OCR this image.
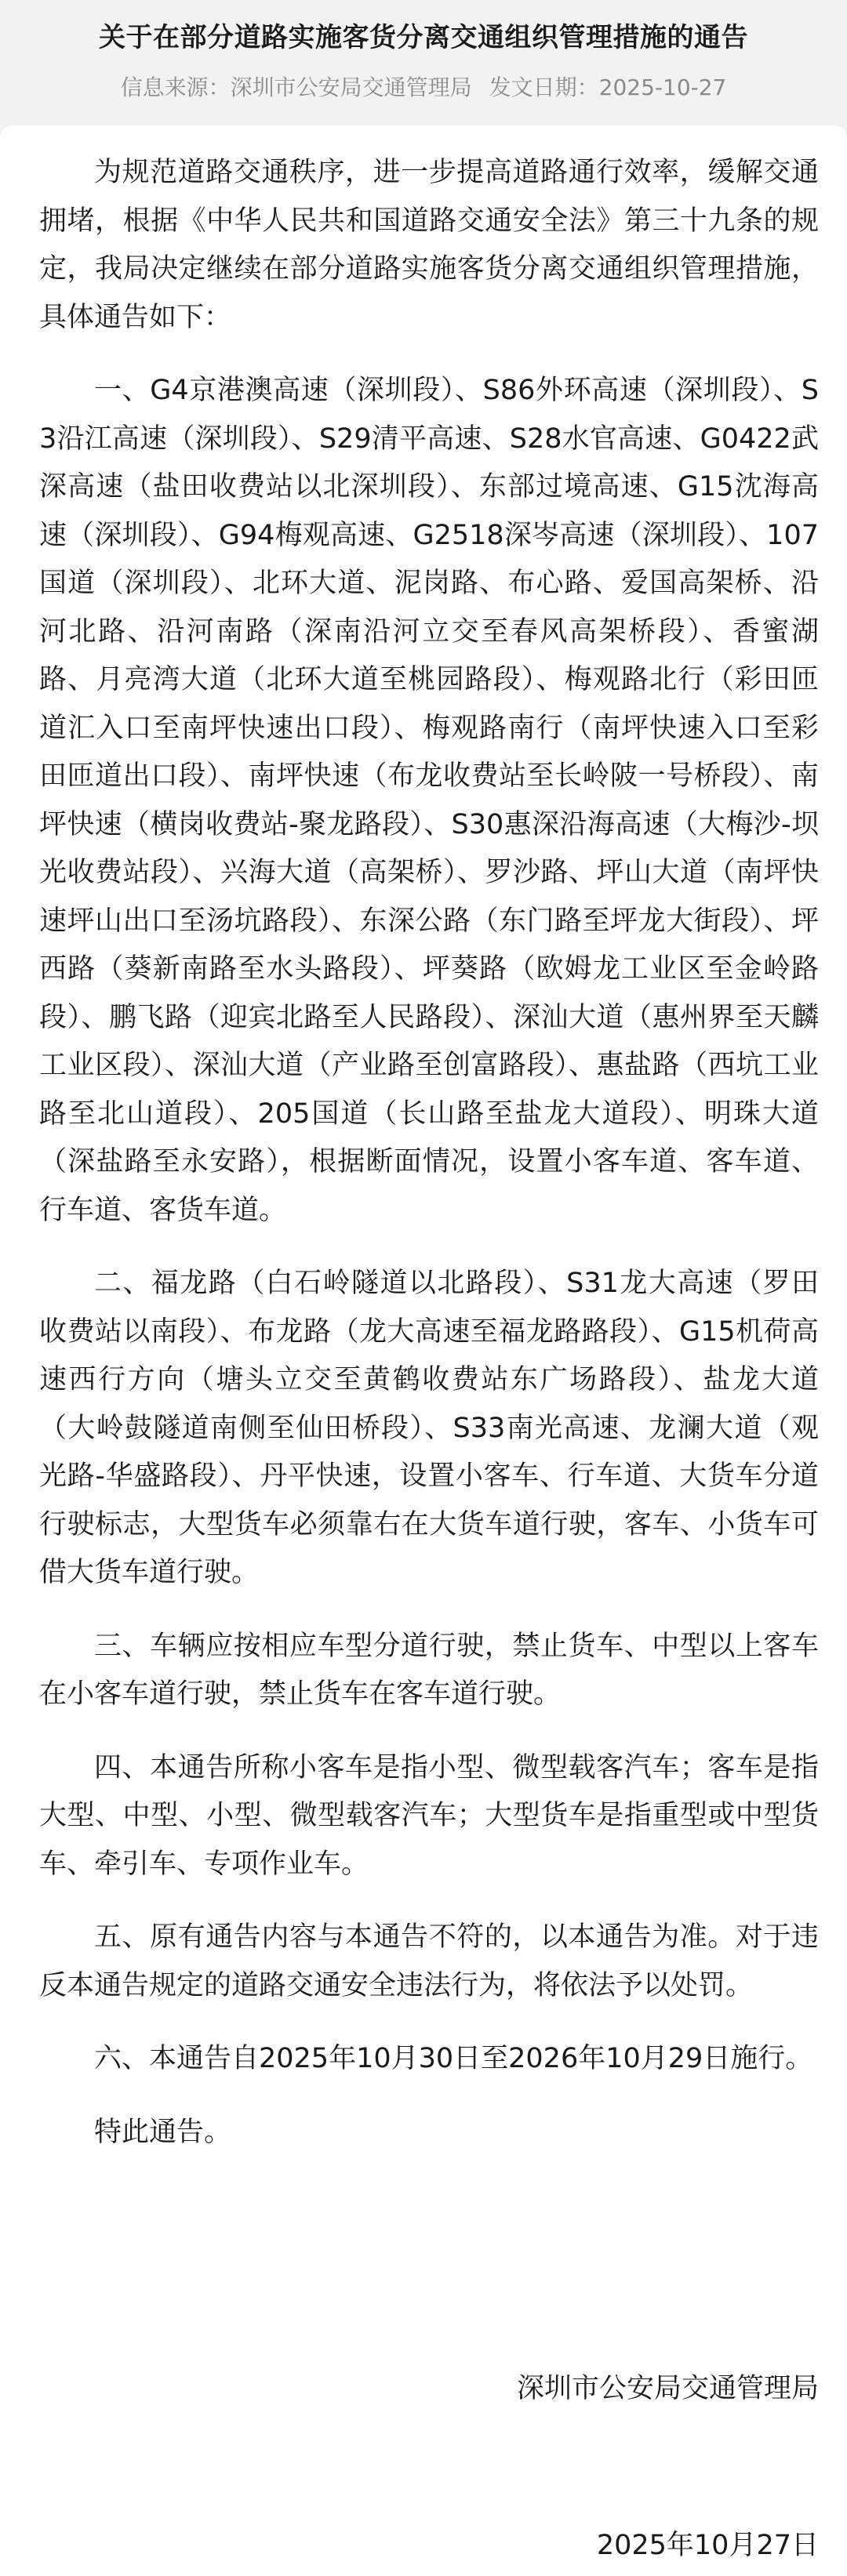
关于在部分道路实施客货分离交通组织管理措施的通告
信息来源：深圳市公安局交通管理局 发文日期：2025-10-27

为规范道路交通秩序，进一步提高道路通行效率，缓解交通拥堵，根据《中华人民共和国道路交通安全法》第三十九条的规定，我局决定继续在部分道路实施客货分离交通组织管理措施，具体通告如下：

一、G4京港澳高速（深圳段）、S86外环高速（深圳段）、S3沿江高速（深圳段）、S29清平高速、S28水官高速、G0422武深高速（盐田收费站以北深圳段）、东部过境高速、G15沈海高速（深圳段）、G94梅观高速、G2518深岑高速（深圳段）、107国道（深圳段）、北环大道、泥岗路、布心路、爱国高架桥、沿河北路、沿河南路（深南沿河立交至春风高架桥段）、香蜜湖路、月亮湾大道（北环大道至桃园路段）、梅观路北行（彩田匝道汇入口至南坪快速出口段）、梅观路南行（南坪快速入口至彩田匝道出口段）、南坪快速（布龙收费站至长岭陂一号桥段）、南坪快速（横岗收费站-聚龙路段）、S30惠深沿海高速（大梅沙-坝光收费站段）、兴海大道（高架桥）、罗沙路、坪山大道（南坪快速坪山出口至汤坑路段）、东深公路（东门路至坪龙大街段）、坪西路（葵新南路至水头路段）、坪葵路（欧姆龙工业区至金岭路段）、鹏飞路（迎宾北路至人民路段）、深汕大道（惠州界至天麟工业区段）、深汕大道（产业路至创富路段）、惠盐路（西坑工业路至北山道段）、205国道（长山路至盐龙大道段）、明珠大道（深盐路至永安路），根据断面情况，设置小客车道、客车道、行车道、客货车道。

二、福龙路（白石岭隧道以北路段）、S31龙大高速（罗田收费站以南段）、布龙路（龙大高速至福龙路路段）、G15机荷高速西行方向（塘头立交至黄鹤收费站东广场路段）、盐龙大道（大岭鼓隧道南侧至仙田桥段）、S33南光高速、龙澜大道（观光路-华盛路段）、丹平快速，设置小客车、行车道、大货车分道行驶标志，大型货车必须靠右在大货车道行驶，客车、小货车可借大货车道行驶。

三、车辆应按相应车型分道行驶，禁止货车、中型以上客车在小客车道行驶，禁止货车在客车道行驶。

四、本通告所称小客车是指小型、微型载客汽车；客车是指大型、中型、小型、微型载客汽车；大型货车是指重型或中型货车、牵引车、专项作业车。

五、原有通告内容与本通告不符的，以本通告为准。对于违反本通告规定的道路交通安全违法行为，将依法予以处罚。

六、本通告自2025年10月30日至2026年10月29日施行。

特此通告。

深圳市公安局交通管理局
2025年10月27日
